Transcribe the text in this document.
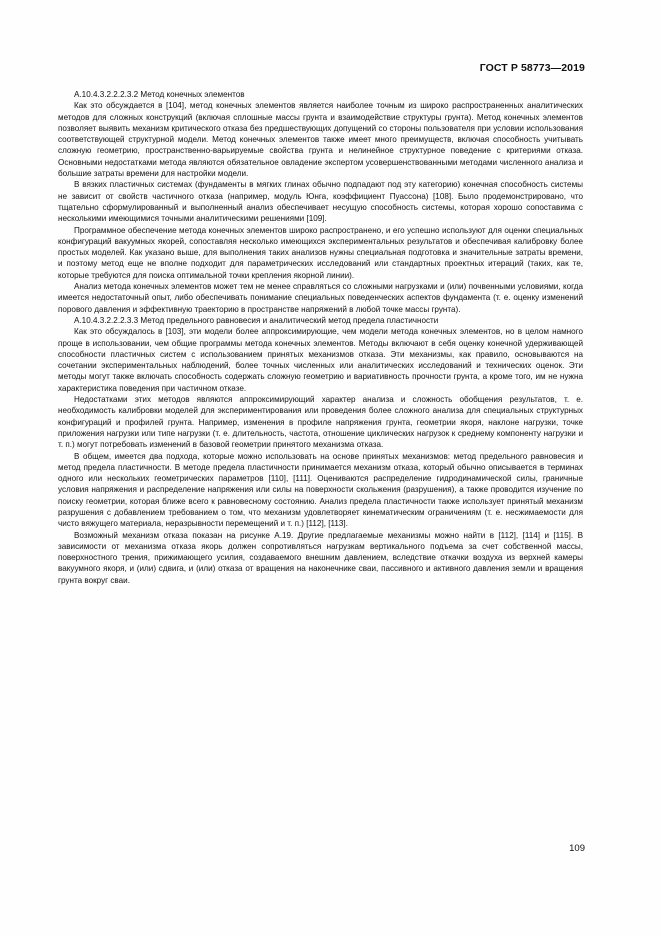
ГОСТ Р 58773—2019

А.10.4.3.2.2.2.3.2 Метод конечных элементов

Как это обсуждается в [104], метод конечных элементов является наиболее точным из широко распространенных аналитических методов для сложных конструкций (включая сплошные массы грунта и взаимодействие структуры грунта). Метод конечных элементов позволяет выявить механизм критического отказа без предшествующих допущений со стороны пользователя при условии использования соответствующей структурной модели. Метод конечных элементов также имеет много преимуществ, включая способность учитывать сложную геометрию, пространственно-варьируемые свойства грунта и нелинейное структурное поведение с критериями отказа. Основными недостатками метода являются обязательное овладение экспертом усовершенствованными методами численного анализа и большие затраты времени для настройки модели.

В вязких пластичных системах (фундаменты в мягких глинах обычно подпадают под эту категорию) конечная способность системы не зависит от свойств частичного отказа (например, модуль Юнга, коэффициент Пуассона) [108]. Было продемонстрировано, что тщательно сформулированный и выполненный анализ обеспечивает несущую способность системы, которая хорошо сопоставима с несколькими имеющимися точными аналитическими решениями [109].

Программное обеспечение метода конечных элементов широко распространено, и его успешно используют для оценки специальных конфигураций вакуумных якорей, сопоставляя несколько имеющихся экспериментальных результатов и обеспечивая калибровку более простых моделей. Как указано выше, для выполнения таких анализов нужны специальная подготовка и значительные затраты времени, и поэтому метод еще не вполне подходит для параметрических исследований или стандартных проектных итераций (таких, как те, которые требуются для поиска оптимальной точки крепления якорной линии).

Анализ метода конечных элементов может тем не менее справляться со сложными нагрузками и (или) почвенными условиями, когда имеется недостаточный опыт, либо обеспечивать понимание специальных поведенческих аспектов фундамента (т. е. оценку изменений порового давления и эффективную траекторию в пространстве напряжений в любой точке массы грунта).

А.10.4.3.2.2.2.3.3 Метод предельного равновесия и аналитический метод предела пластичности

Как это обсуждалось в [103], эти модели более аппроксимирующие, чем модели метода конечных элементов, но в целом намного проще в использовании, чем общие программы метода конечных элементов. Методы включают в себя оценку конечной удерживающей способности пластичных систем с использованием принятых механизмов отказа. Эти механизмы, как правило, основываются на сочетании экспериментальных наблюдений, более точных численных или аналитических исследований и технических оценок. Эти методы могут также включать способность содержать сложную геометрию и вариативность прочности грунта, а кроме того, им не нужна характеристика поведения при частичном отказе.

Недостатками этих методов являются аппроксимирующий характер анализа и сложность обобщения результатов, т. е. необходимость калибровки моделей для экспериментирования или проведения более сложного анализа для специальных структурных конфигураций и профилей грунта. Например, изменения в профиле напряжения грунта, геометрии якоря, наклоне нагрузки, точке приложения нагрузки или типе нагрузки (т. е. длительность, частота, отношение циклических нагрузок к среднему компоненту нагрузки и т. п.) могут потребовать изменений в базовой геометрии принятого механизма отказа.

В общем, имеется два подхода, которые можно использовать на основе принятых механизмов: метод предельного равновесия и метод предела пластичности. В методе предела пластичности принимается механизм отказа, который обычно описывается в терминах одного или нескольких геометрических параметров [110], [111]. Оцениваются распределение гидродинамической силы, граничные условия напряжения и распределение напряжения или силы на поверхности скольжения (разрушения), а также проводится изучение по поиску геометрии, которая ближе всего к равновесному состоянию. Анализ предела пластичности также использует принятый механизм разрушения с добавлением требованием о том, что механизм удовлетворяет кинематическим ограничениям (т. е. несжимаемости для чисто вяжущего материала, неразрывности перемещений и т. п.) [112], [113].

Возможный механизм отказа показан на рисунке А.19. Другие предлагаемые механизмы можно найти в [112], [114] и [115]. В зависимости от механизма отказа якорь должен сопротивляться нагрузкам вертикального подъема за счет собственной массы, поверхностного трения, прижимающего усилия, создаваемого внешним давлением, вследствие откачки воздуха из верхней камеры вакуумного якоря, и (или) сдвига, и (или) отказа от вращения на наконечнике сваи, пассивного и активного давления земли и вращения грунта вокруг сваи.

109
